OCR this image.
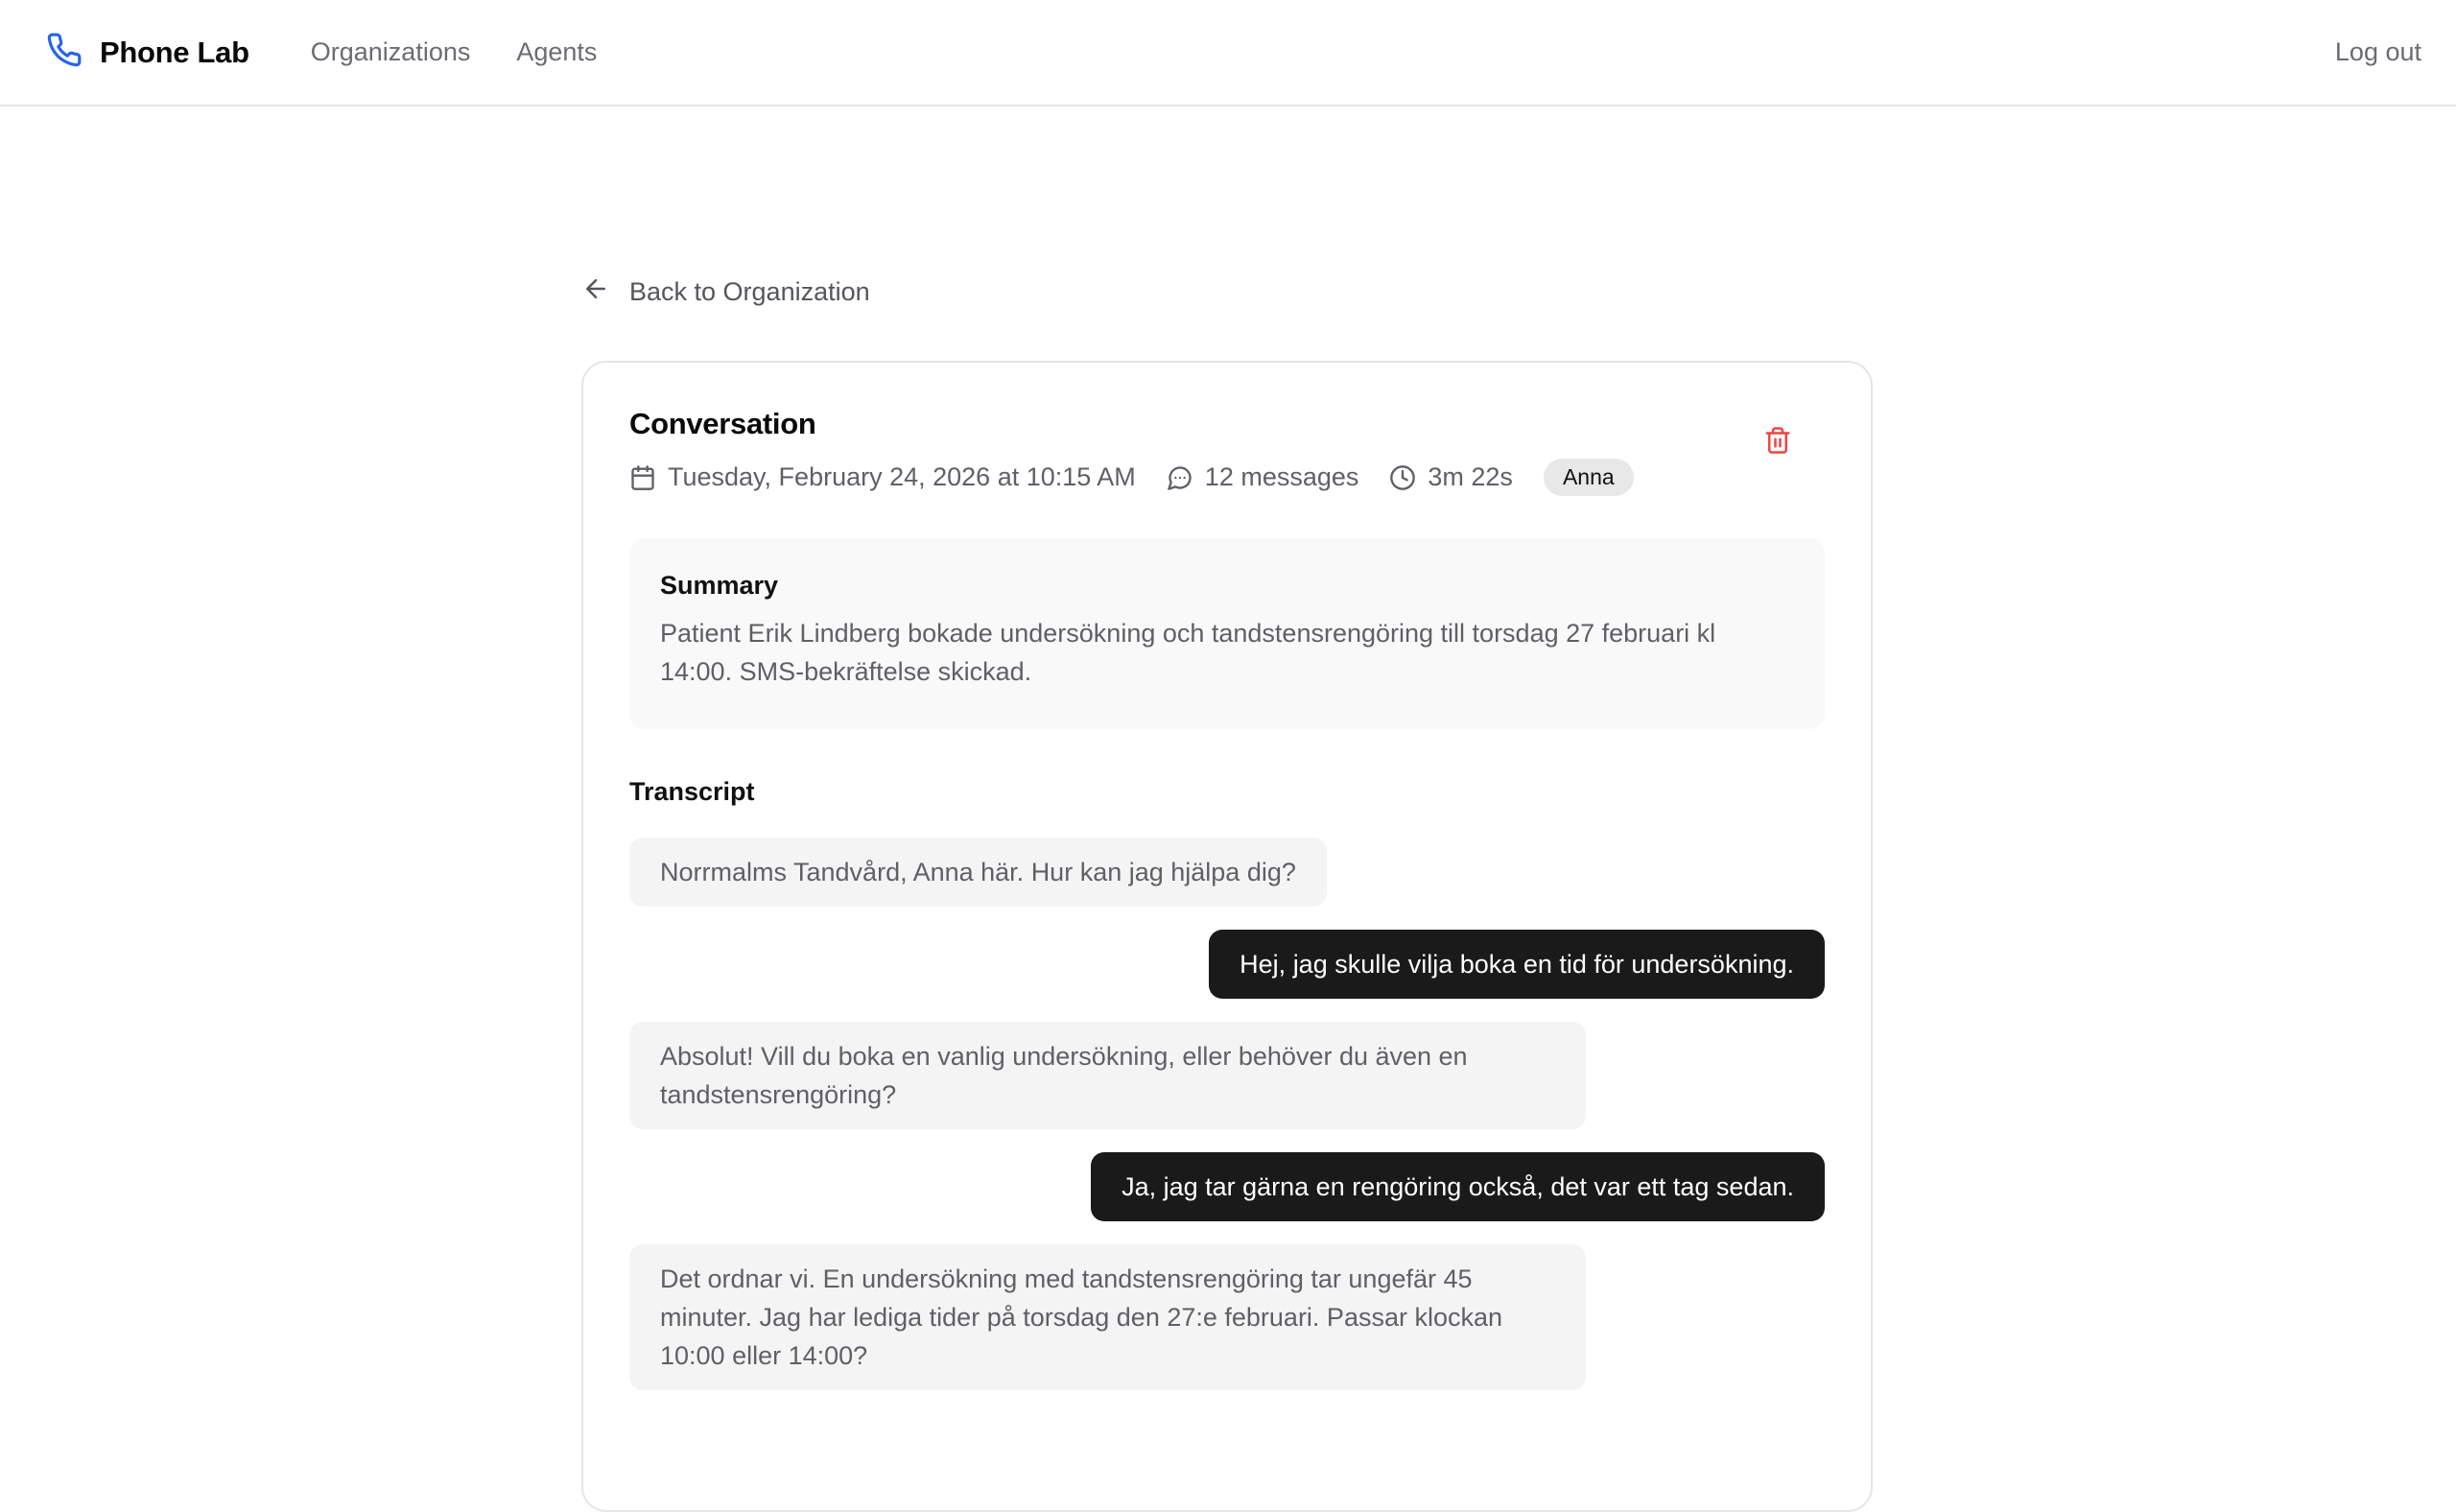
Phone Lab Organizations Agents	Log out
Back to Organization
Conversation
Tuesday, February 24, 2026 at 10:15 AM	12 messages	3m 22s	Anna
Summary

Patient Erik Lindberg bokade undersökning och tandstensrengöring till torsdag 27 februari kl 14:00. SMS-bekräftelse skickad.

Transcript
Norrmalms Tandvård, Anna här. Hur kan jag hjälpa dig?
Hej, jag skulle vilja boka en tid för undersökning.
Absolut! Vill du boka en vanlig undersökning, eller behöver du även en tandstensrengöring?
Ja, jag tar gärna en rengöring också, det var ett tag sedan.
Det ordnar vi. En undersökning med tandstensrengöring tar ungefär 45 minuter. Jag har lediga tider på torsdag den 27:e februari. Passar klockan 10:00 eller 14:00?
